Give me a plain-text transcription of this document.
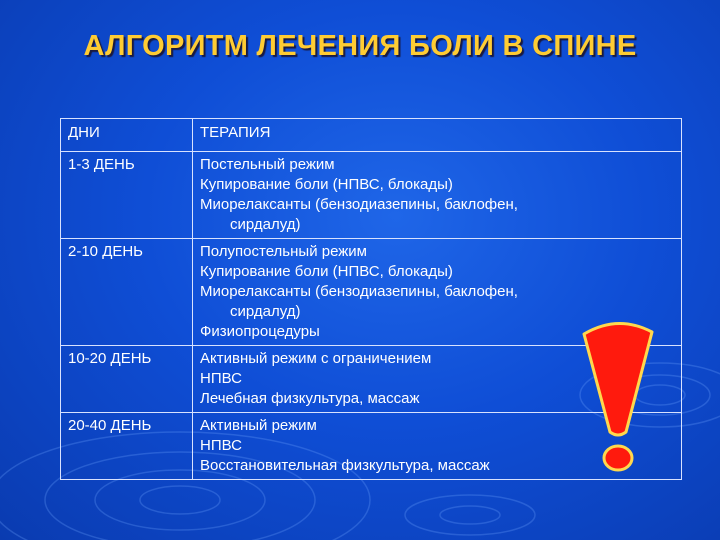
АЛГОРИТМ ЛЕЧЕНИЯ БОЛИ В СПИНЕ
ДНИ	ТЕРАПИЯ
1-3 ДЕНЬ	Постельный режим
Купирование боли (НПВС, блокады)
Миорелаксанты (бензодиазепины, баклофен,
сирдалуд)

2-10 ДЕНЬ	Полупостельный режим
Купирование боли (НПВС, блокады)
Миорелаксанты (бензодиазепины, баклофен,
сирдалуд)
Физиопроцедуры

10-20 ДЕНЬ	Активный режим с ограничением
НПВС
Лечебная физкультура, массаж

20-40 ДЕНЬ	Активный режим
НПВС
Восстановительная физкультура, массаж
